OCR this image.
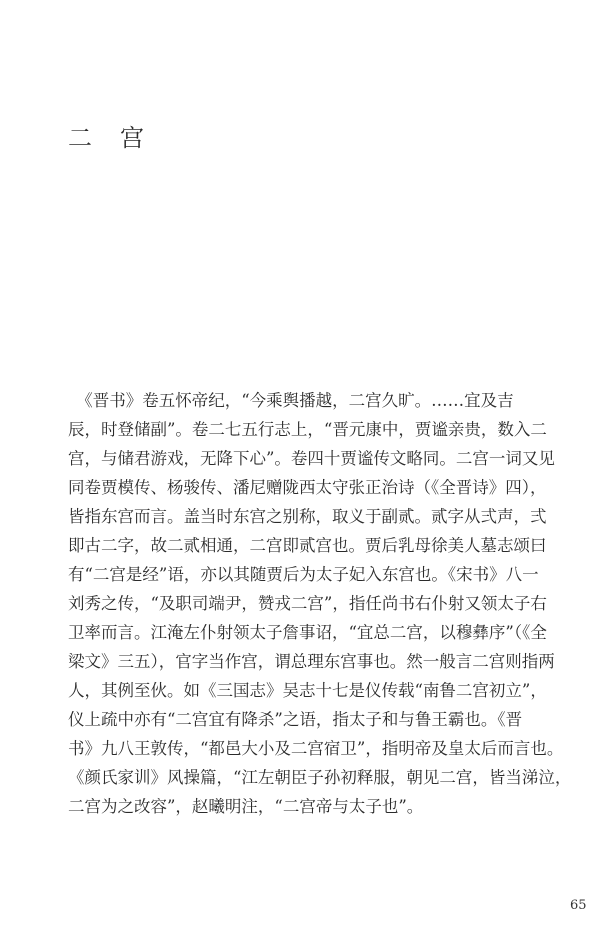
二 宫
　《晋书》卷五怀帝纪，“今乘舆播越，二宫久旷。……宜及吉
辰，时登储副”。卷二七五行志上，“晋元康中，贾谧亲贵，数入二
宫，与储君游戏，无降下心”。卷四十贾谧传文略同。二宫一词又见
同卷贾模传、杨骏传、潘尼赠陇西太守张正治诗（《全晋诗》四），
皆指东宫而言。盖当时东宫之别称，取义于副贰。贰字从弍声，弍
即古二字，故二贰相通，二宫即贰宫也。贾后乳母徐美人墓志颂曰
有“二宫是经”语，亦以其随贾后为太子妃入东宫也。《宋书》八一
刘秀之传，“及职司端尹，赞戎二宫”，指任尚书右仆射又领太子右
卫率而言。江淹左仆射领太子詹事诏，“宜总二宫，以穆彝序”（《全
梁文》三五），官字当作宫，谓总理东宫事也。然一般言二宫则指两
人，其例至伙。如《三国志》吴志十七是仪传载“南鲁二宫初立”，
仪上疏中亦有“二宫宜有降杀”之语，指太子和与鲁王霸也。《晋
书》九八王敦传，“都邑大小及二宫宿卫”，指明帝及皇太后而言也。
《颜氏家训》风操篇，“江左朝臣子孙初释服，朝见二宫，皆当涕泣，
二宫为之改容”，赵曦明注，“二宫帝与太子也”。
65
